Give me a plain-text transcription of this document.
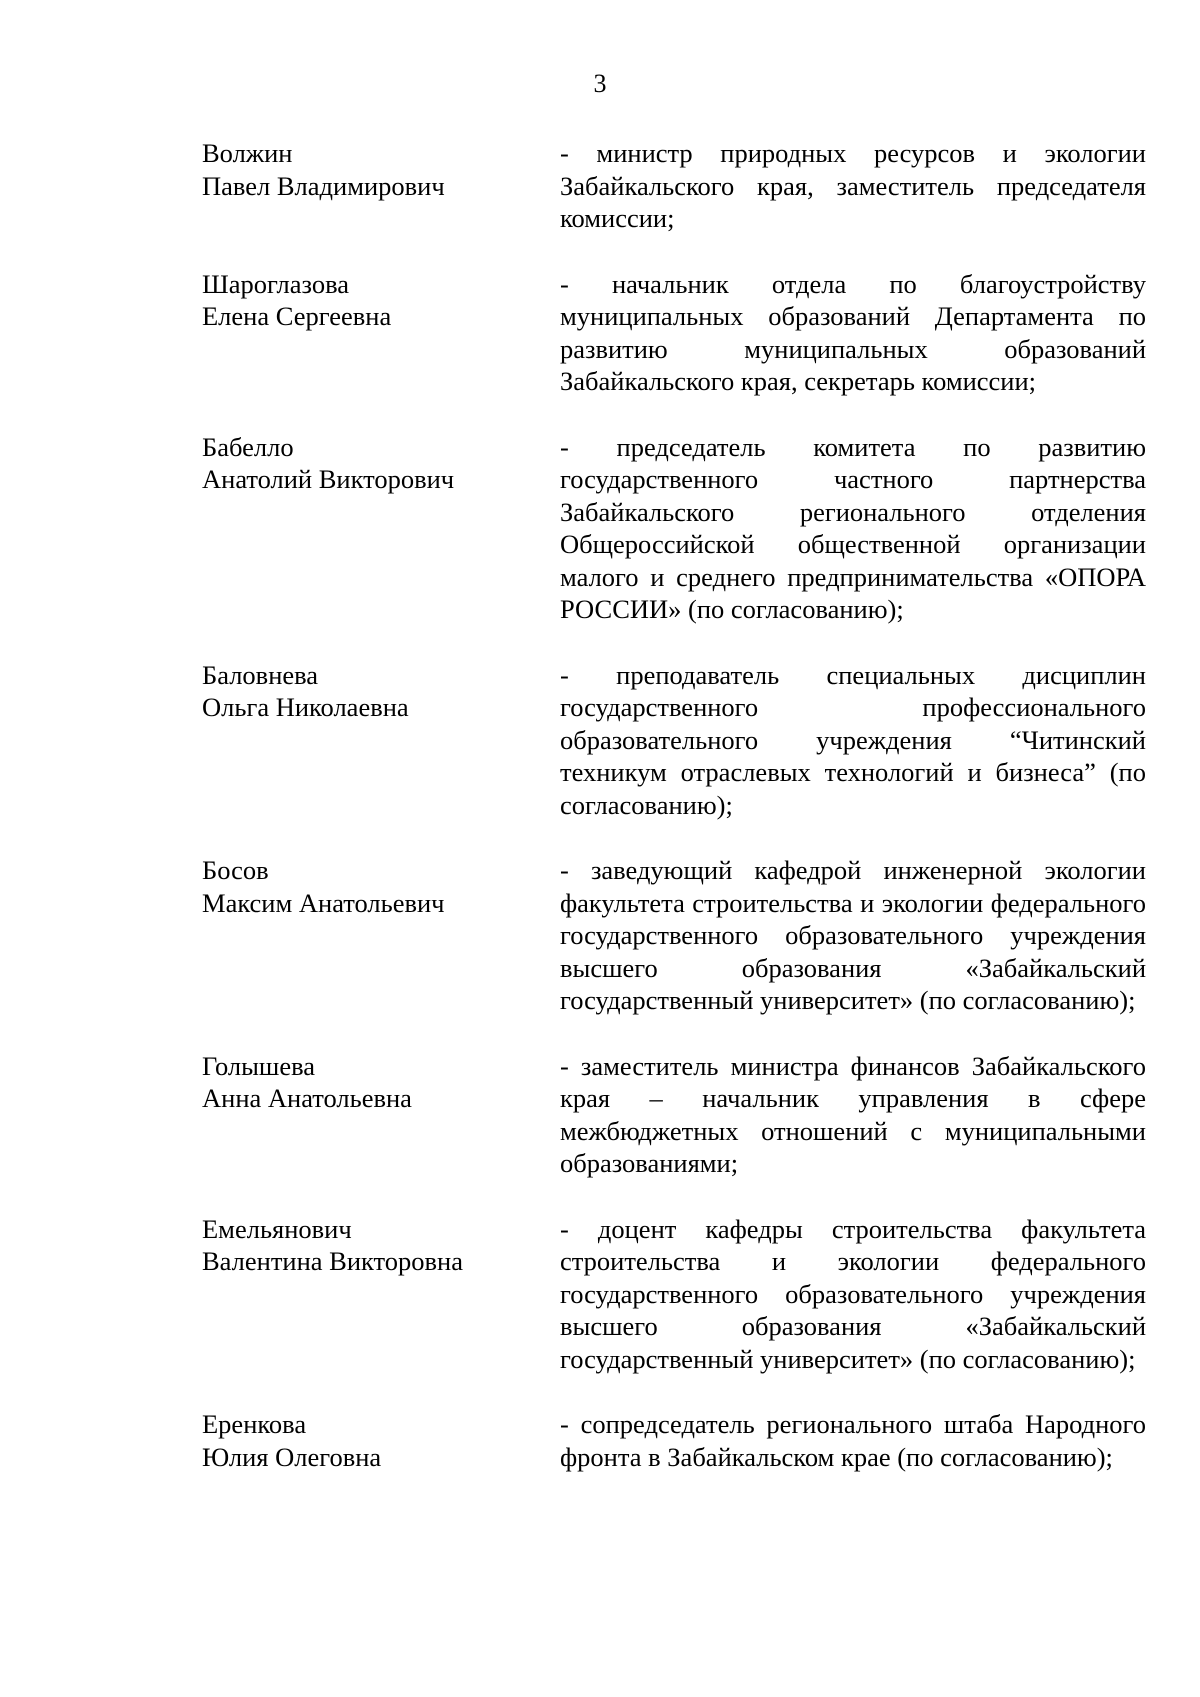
3
Волжин
Павел Владимирович
- министр природных ресурсов и экологии Забайкальского края, заместитель председателя комиссии;
Шароглазова
Елена Сергеевна
- начальник отдела по благоустройству муниципальных образований Департамента по развитию муниципальных образований Забайкальского края, секретарь комиссии;
Бабелло
Анатолий Викторович
- председатель комитета по развитию государственного частного партнерства Забайкальского регионального отделения Общероссийской общественной организации малого и среднего предпринимательства «ОПОРА РОССИИ» (по согласованию);
Баловнева
Ольга Николаевна
- преподаватель специальных дисциплин государственного профессионального образовательного учреждения “Читинский техникум отраслевых технологий и бизнеса” (по согласованию);
Босов
Максим Анатольевич
- заведующий кафедрой инженерной экологии факультета строительства и экологии федерального государственного образовательного учреждения высшего образования «Забайкальский государственный университет» (по согласованию);
Голышева
Анна Анатольевна
- заместитель министра финансов Забайкальского края – начальник управления в сфере межбюджетных отношений с муниципальными образованиями;
Емельянович
Валентина Викторовна
- доцент кафедры строительства факультета строительства и экологии федерального государственного образовательного учреждения высшего образования «Забайкальский государственный университет» (по согласованию);
Еренкова
Юлия Олеговна
- сопредседатель регионального штаба Народного фронта в Забайкальском крае (по согласованию);
